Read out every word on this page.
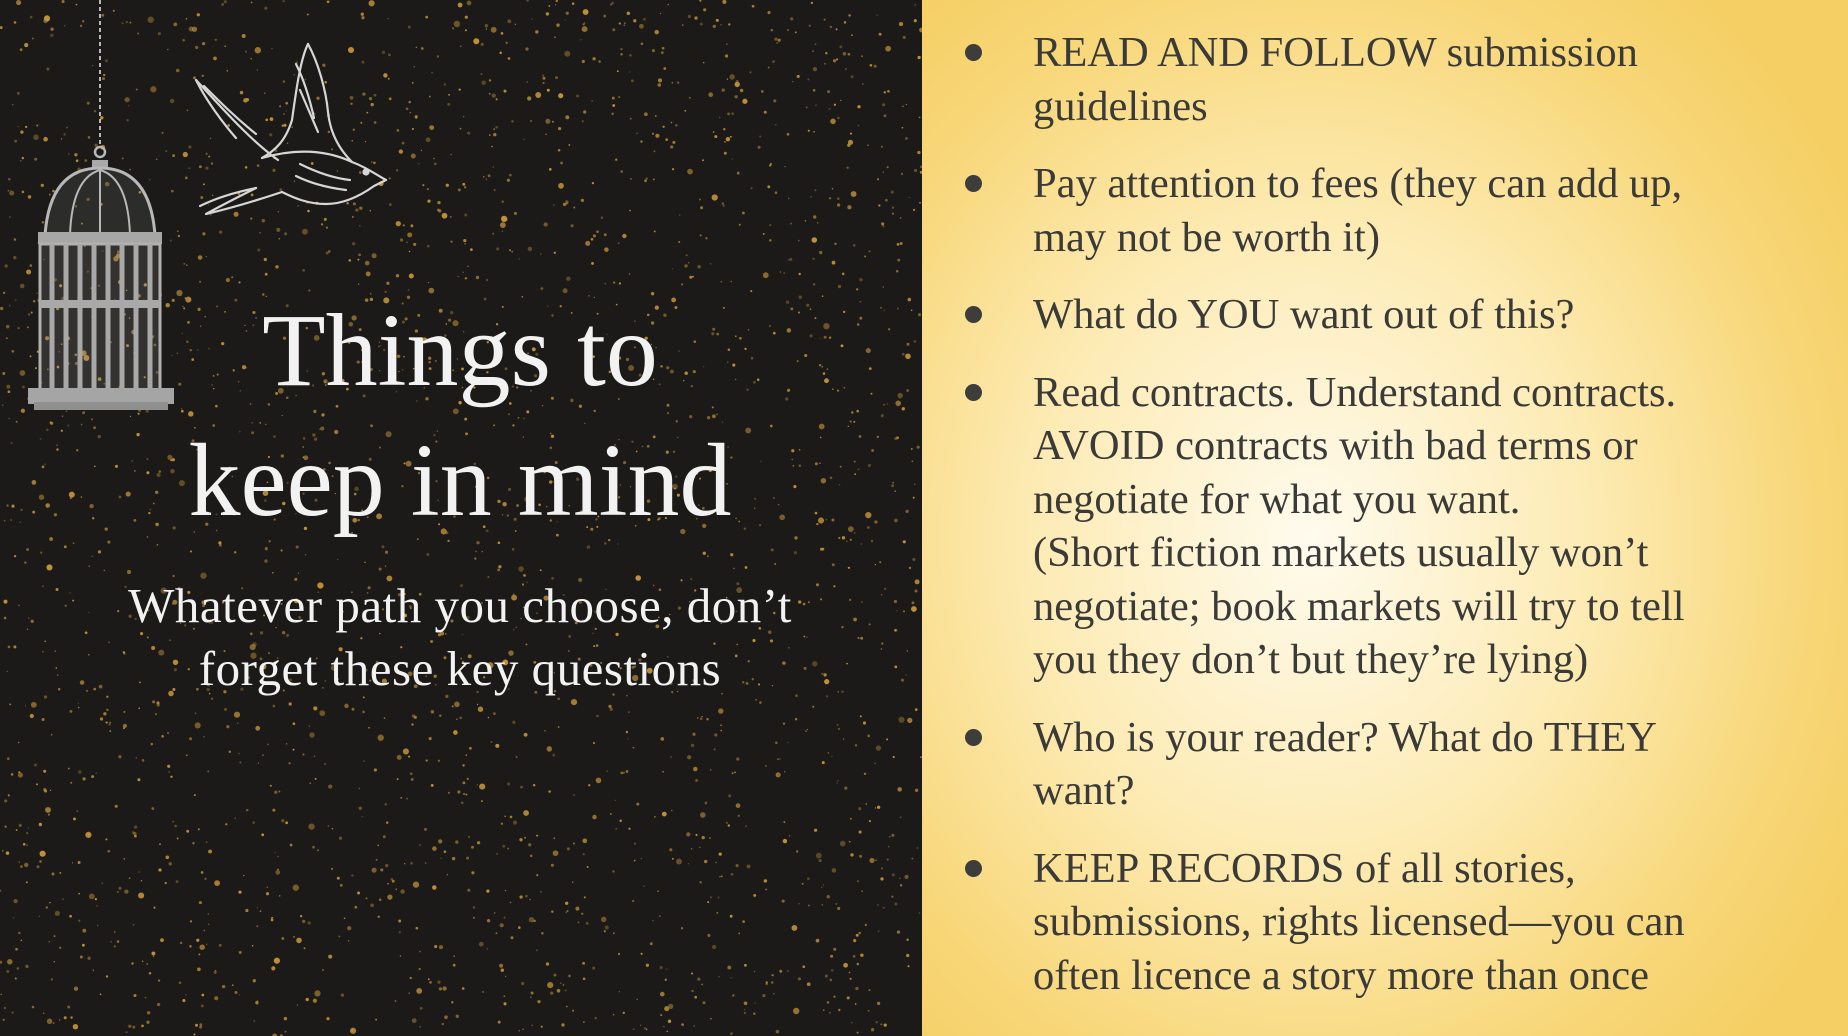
Things to
keep in mind
Whatever path you choose, don’t
forget these key questions
READ AND FOLLOW submission
guidelines
Pay attention to fees (they can add up,
may not be worth it)
What do YOU want out of this?
Read contracts. Understand contracts.
AVOID contracts with bad terms or
negotiate for what you want.
(Short fiction markets usually won’t
negotiate; book markets will try to tell
you they don’t but they’re lying)
Who is your reader? What do THEY
want?
KEEP RECORDS of all stories,
submissions, rights licensed—you can
often licence a story more than once
